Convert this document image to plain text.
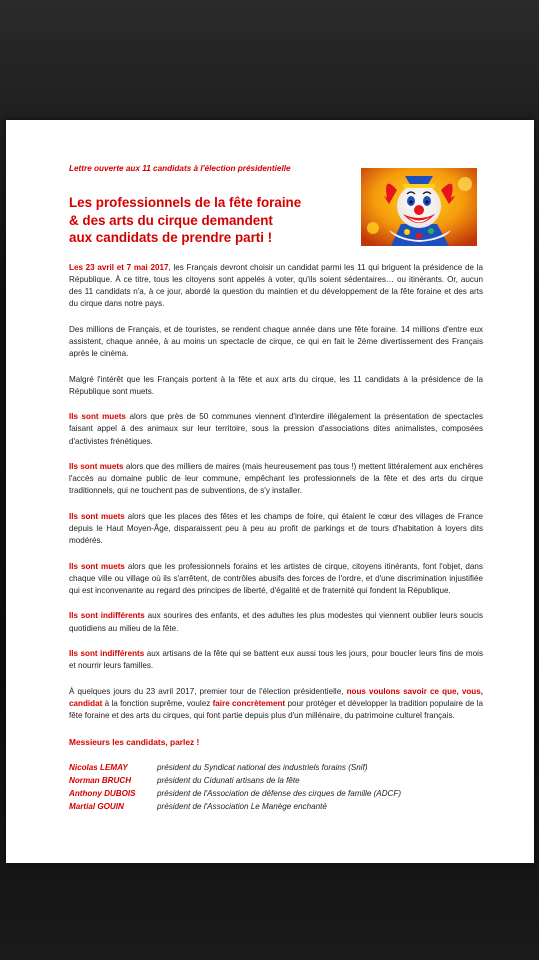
Lettre ouverte aux 11 candidats à l'élection présidentielle

Les professionnels de la fête foraine
& des arts du cirque demandent
aux candidats de prendre parti !

Les 23 avril et 7 mai 2017, les Français devront choisir un candidat parmi les 11 qui briguent la présidence de la République. À ce titre, tous les citoyens sont appelés à voter, qu'ils soient sédentaires… ou itinérants. Or, aucun des 11 candidats n'a, à ce jour, abordé la question du maintien et du développement de la fête foraine et des arts du cirque dans notre pays.

Des millions de Français, et de touristes, se rendent chaque année dans une fête foraine. 14 millions d'entre eux assistent, chaque année, à au moins un spectacle de cirque, ce qui en fait le 2ème divertissement des Français après le cinéma.

Malgré l'intérêt que les Français portent à la fête et aux arts du cirque, les 11 candidats à la présidence de la République sont muets.

Ils sont muets alors que près de 50 communes viennent d'interdire illégalement la présentation de spectacles faisant appel à des animaux sur leur territoire, sous la pression d'associations dites animalistes, composées d'activistes frénétiques.

Ils sont muets alors que des milliers de maires (mais heureusement pas tous !) mettent littéralement aux enchères l'accès au domaine public de leur commune, empêchant les professionnels de la fête et des arts du cirque traditionnels, qui ne touchent pas de subventions, de s'y installer.

Ils sont muets alors que les places des fêtes et les champs de foire, qui étaient le cœur des villages de France depuis le Haut Moyen-Âge, disparaissent peu à peu au profit de parkings et de tours d'habitation à loyers dits modérés.

Ils sont muets alors que les professionnels forains et les artistes de cirque, citoyens itinérants, font l'objet, dans chaque ville ou village où ils s'arrêtent, de contrôles abusifs des forces de l'ordre, et d'une discrimination injustifiée qui est inconvenante au regard des principes de liberté, d'égalité et de fraternité qui fondent la République.

Ils sont indifférents aux sourires des enfants, et des adultes les plus modestes qui viennent oublier leurs soucis quotidiens au milieu de la fête.

Ils sont indifférents aux artisans de la fête qui se battent eux aussi tous les jours, pour boucler leurs fins de mois et nourrir leurs familles.

À quelques jours du 23 avril 2017, premier tour de l'élection présidentielle, nous voulons savoir ce que, vous, candidat à la fonction suprême, voulez faire concrètement pour protéger et développer la tradition populaire de la fête foraine et des arts du cirques, qui font partie depuis plus d'un millénaire, du patrimoine culturel français.

Messieurs les candidats, parlez !

Nicolas LEMAY	président du Syndicat national des industriels forains (Snif)
Norman BRUCH	président du Cidunati artisans de la fête
Anthony DUBOIS	président de l'Association de défense des cirques de famille (ADCF)
Martial GOUIN	président de l'Association Le Manège enchanté
